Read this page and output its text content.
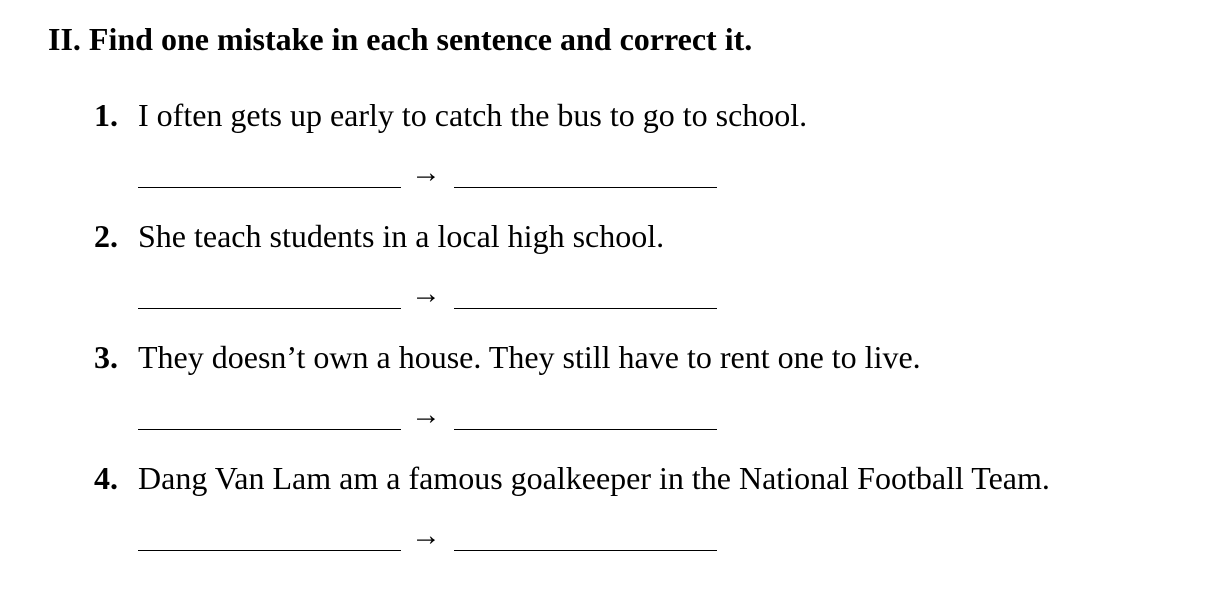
II. Find one mistake in each sentence and correct it.
1. I often gets up early to catch the bus to go to school.
→
2. She teach students in a local high school.
→
3. They doesn’t own a house. They still have to rent one to live.
→
4. Dang Van Lam am a famous goalkeeper in the National Football Team.
→
